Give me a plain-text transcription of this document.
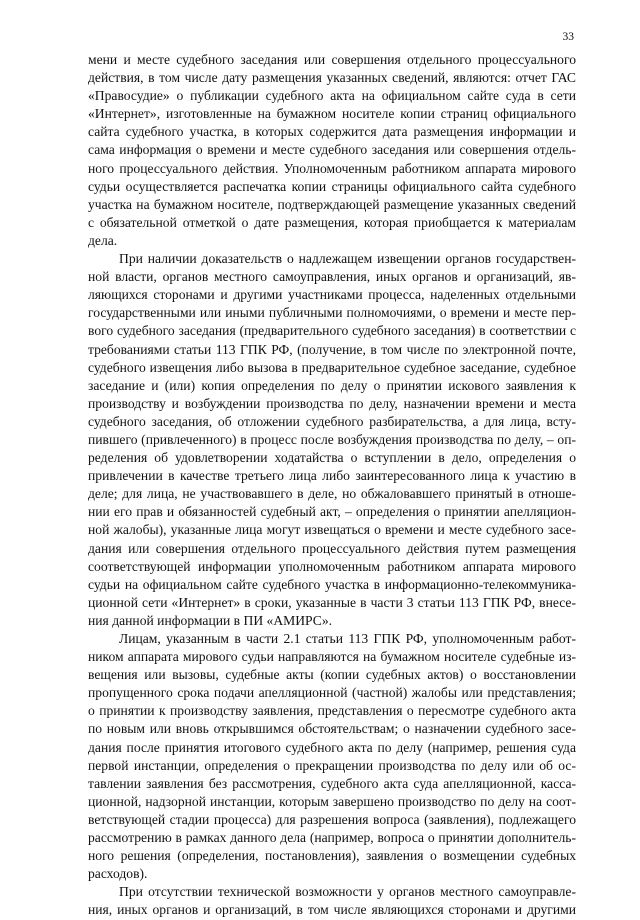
33
мени и месте судебного заседания или совершения отдельного процессуального
действия, в том числе дату размещения указанных сведений, являются: отчет ГАС
«Правосудие» о публикации судебного акта на официальном сайте суда в сети
«Интернет», изготовленные на бумажном носителе копии страниц официального
сайта судебного участка, в которых содержится дата размещения информации и
сама информация о времени и месте судебного заседания или совершения отдель-
ного процессуального действия. Уполномоченным работником аппарата мирового
судьи осуществляется распечатка копии страницы официального сайта судебного
участка на бумажном носителе, подтверждающей размещение указанных сведений
с обязательной отметкой о дате размещения, которая приобщается к материалам
дела.
При наличии доказательств о надлежащем извещении органов государствен-
ной власти, органов местного самоуправления, иных органов и организаций, яв-
ляющихся сторонами и другими участниками процесса, наделенных отдельными
государственными или иными публичными полномочиями, о времени и месте пер-
вого судебного заседания (предварительного судебного заседания) в соответствии с
требованиями статьи 113 ГПК РФ, (получение, в том числе по электронной почте,
судебного извещения либо вызова в предварительное судебное заседание, судебное
заседание и (или) копия определения по делу о принятии искового заявления к
производству и возбуждении производства по делу, назначении времени и места
судебного заседания, об отложении судебного разбирательства, а для лица, всту-
пившего (привлеченного) в процесс после возбуждения производства по делу, – оп-
ределения об удовлетворении ходатайства о вступлении в дело, определения о
привлечении в качестве третьего лица либо заинтересованного лица к участию в
деле; для лица, не участвовавшего в деле, но обжаловавшего принятый в отноше-
нии его прав и обязанностей судебный акт, – определения о принятии апелляцион-
ной жалобы), указанные лица могут извещаться о времени и месте судебного засе-
дания или совершения отдельного процессуального действия путем размещения
соответствующей информации уполномоченным работником аппарата мирового
судьи на официальном сайте судебного участка в информационно-телекоммуника-
ционной сети «Интернет» в сроки, указанные в части 3 статьи 113 ГПК РФ, внесе-
ния данной информации в ПИ «АМИРС».
Лицам, указанным в части 2.1 статьи 113 ГПК РФ, уполномоченным работ-
ником аппарата мирового судьи направляются на бумажном носителе судебные из-
вещения или вызовы, судебные акты (копии судебных актов) о восстановлении
пропущенного срока подачи апелляционной (частной) жалобы или представления;
о принятии к производству заявления, представления о пересмотре судебного акта
по новым или вновь открывшимся обстоятельствам; о назначении судебного засе-
дания после принятия итогового судебного акта по делу (например, решения суда
первой инстанции, определения о прекращении производства по делу или об ос-
тавлении заявления без рассмотрения, судебного акта суда апелляционной, касса-
ционной, надзорной инстанции, которым завершено производство по делу на соот-
ветствующей стадии процесса) для разрешения вопроса (заявления), подлежащего
рассмотрению в рамках данного дела (например, вопроса о принятии дополнитель-
ного решения (определения, постановления), заявления о возмещении судебных
расходов).
При отсутствии технической возможности у органов местного самоуправле-
ния, иных органов и организаций, в том числе являющихся сторонами и другими
